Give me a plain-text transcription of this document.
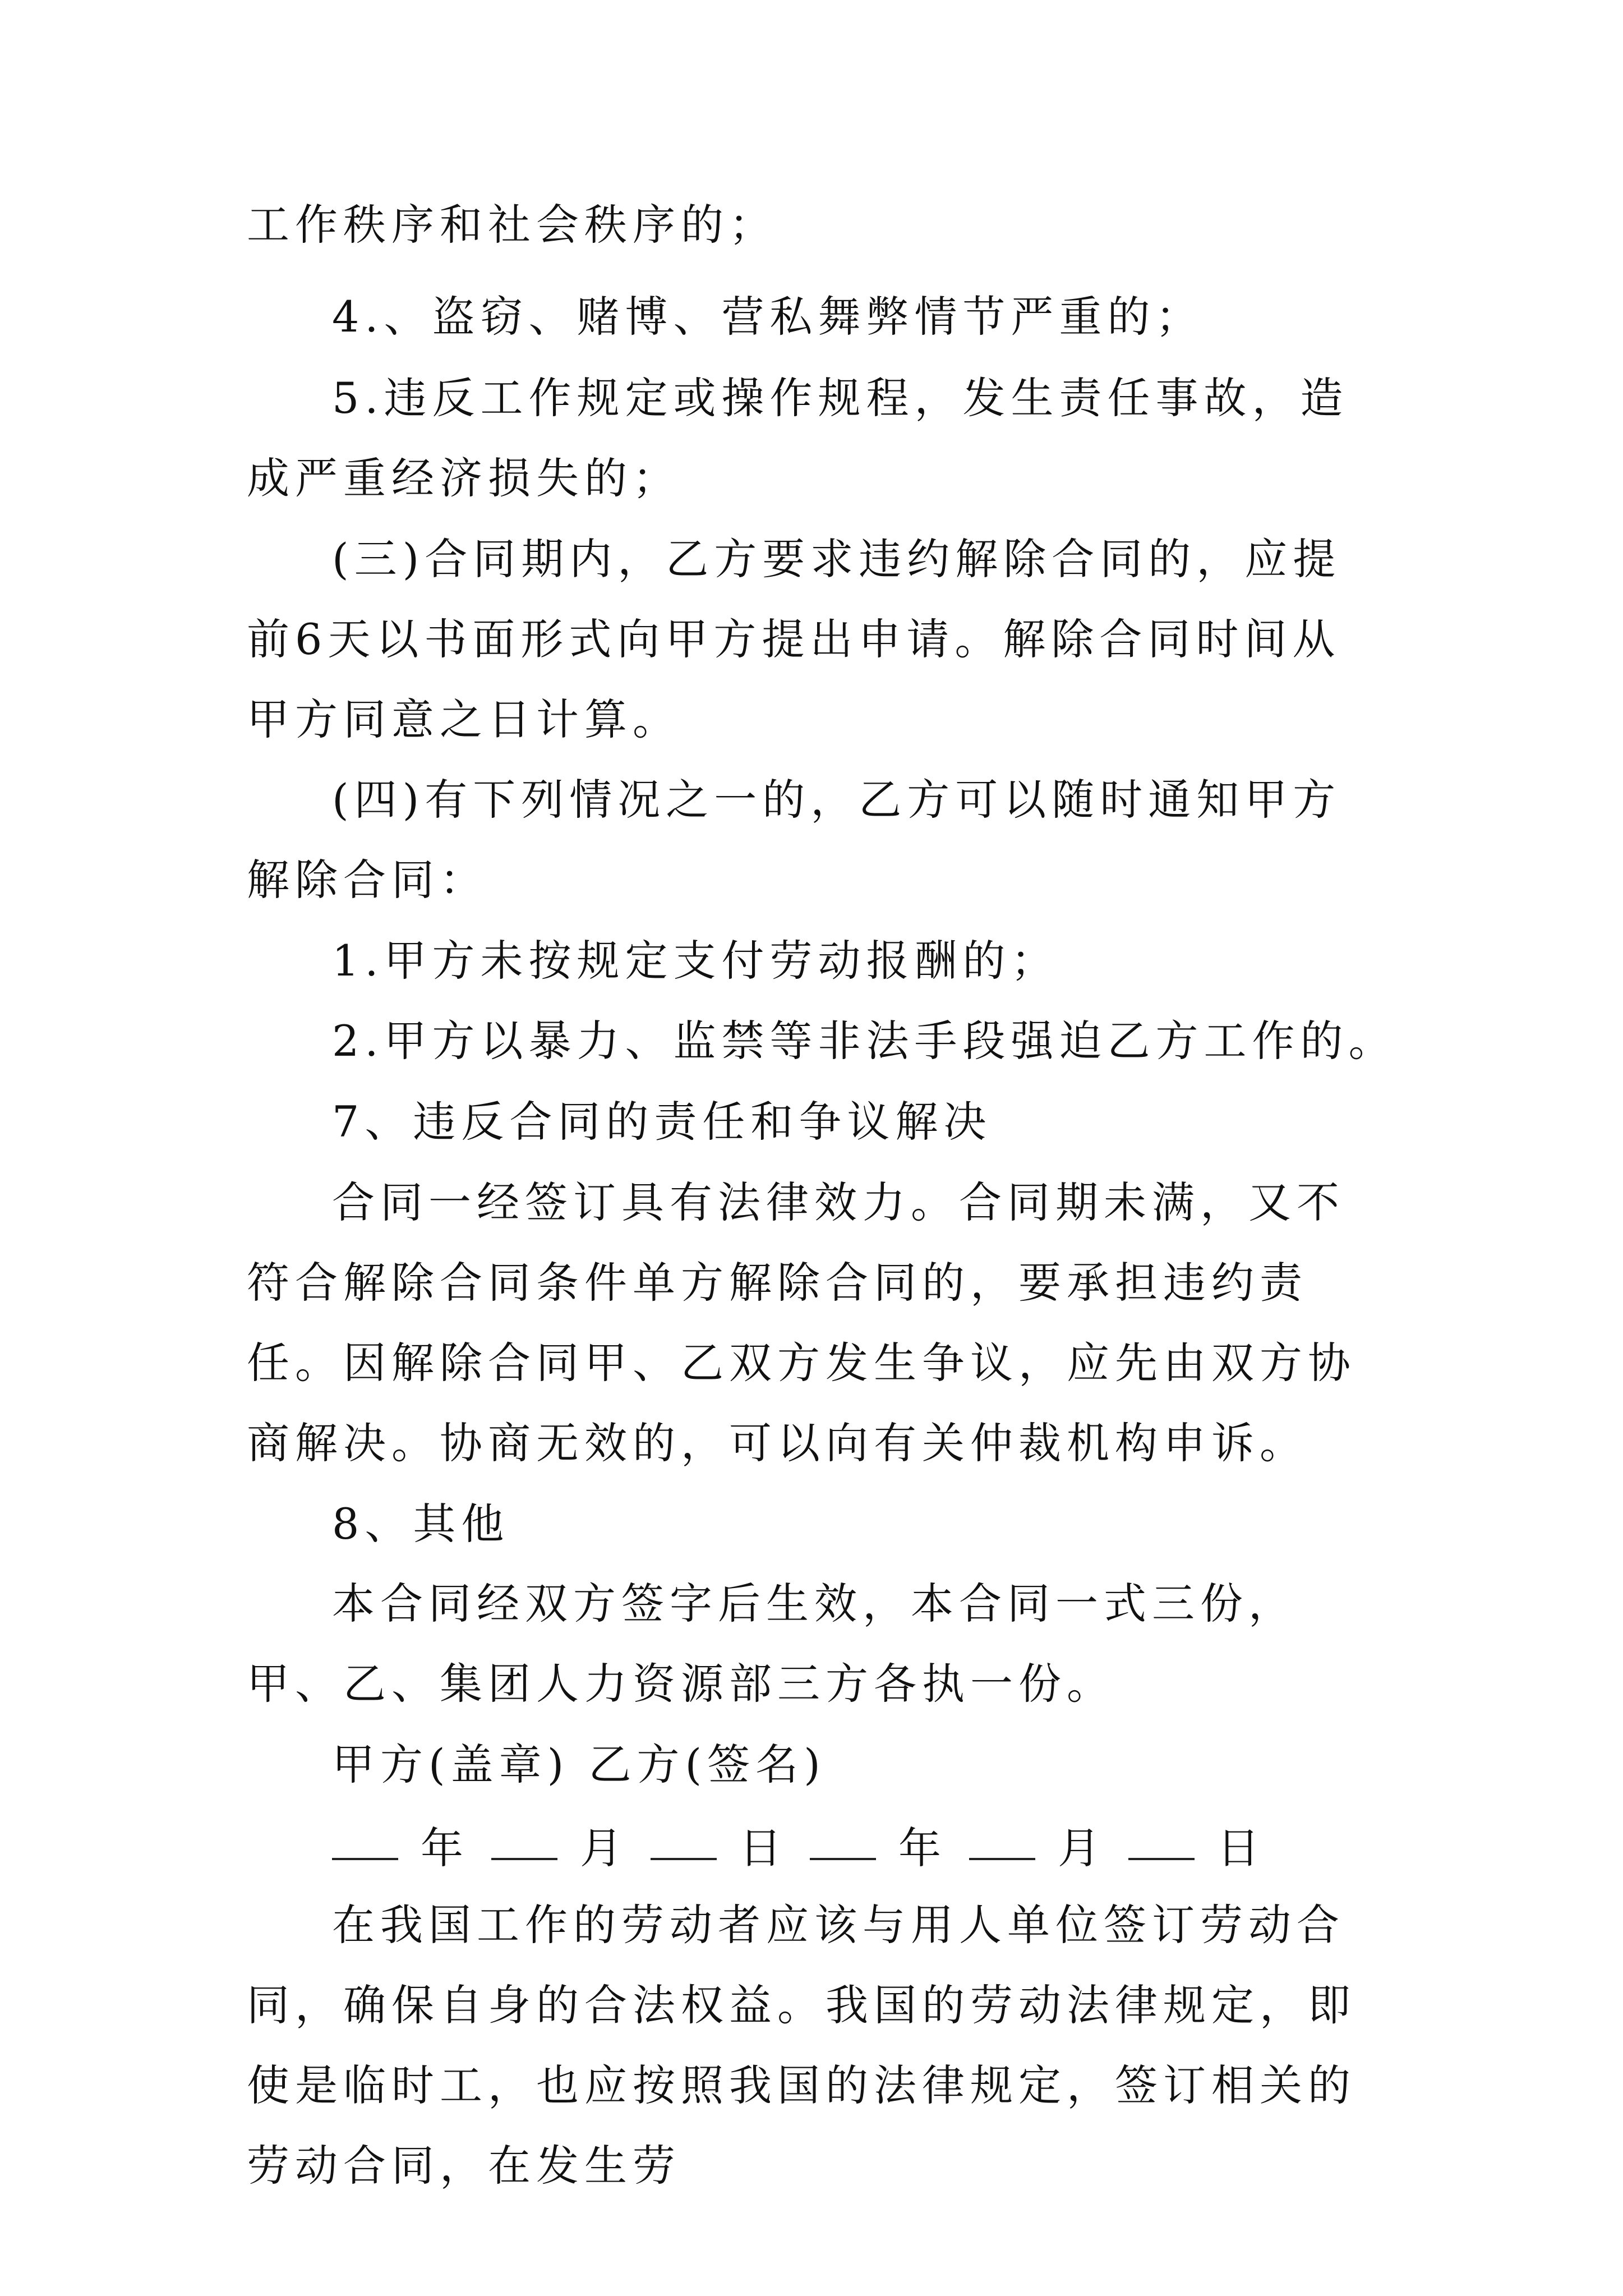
工作秩序和社会秩序的；
4.、盗窃、赌博、营私舞弊情节严重的；
5.违反工作规定或操作规程，发生责任事故，造成严重经济损失的；
(三)合同期内，乙方要求违约解除合同的，应提前6天以书面形式向甲方提出申请。解除合同时间从甲方同意之日计算。
(四)有下列情况之一的，乙方可以随时通知甲方解除合同：
1.甲方未按规定支付劳动报酬的；
2.甲方以暴力、监禁等非法手段强迫乙方工作的。
7、违反合同的责任和争议解决
合同一经签订具有法律效力。合同期未满，又不符合解除合同条件单方解除合同的，要承担违约责任。因解除合同甲、乙双方发生争议，应先由双方协商解决。协商无效的，可以向有关仲裁机构申诉。
8、其他
本合同经双方签字后生效，本合同一式三份，甲、乙、集团人力资源部三方各执一份。
甲方(盖章) 乙方(签名)
年	月	日	年	月	日
在我国工作的劳动者应该与用人单位签订劳动合同，确保自身的合法权益。我国的劳动法律规定，即使是临时工，也应按照我国的法律规定，签订相关的劳动合同，在发生劳
